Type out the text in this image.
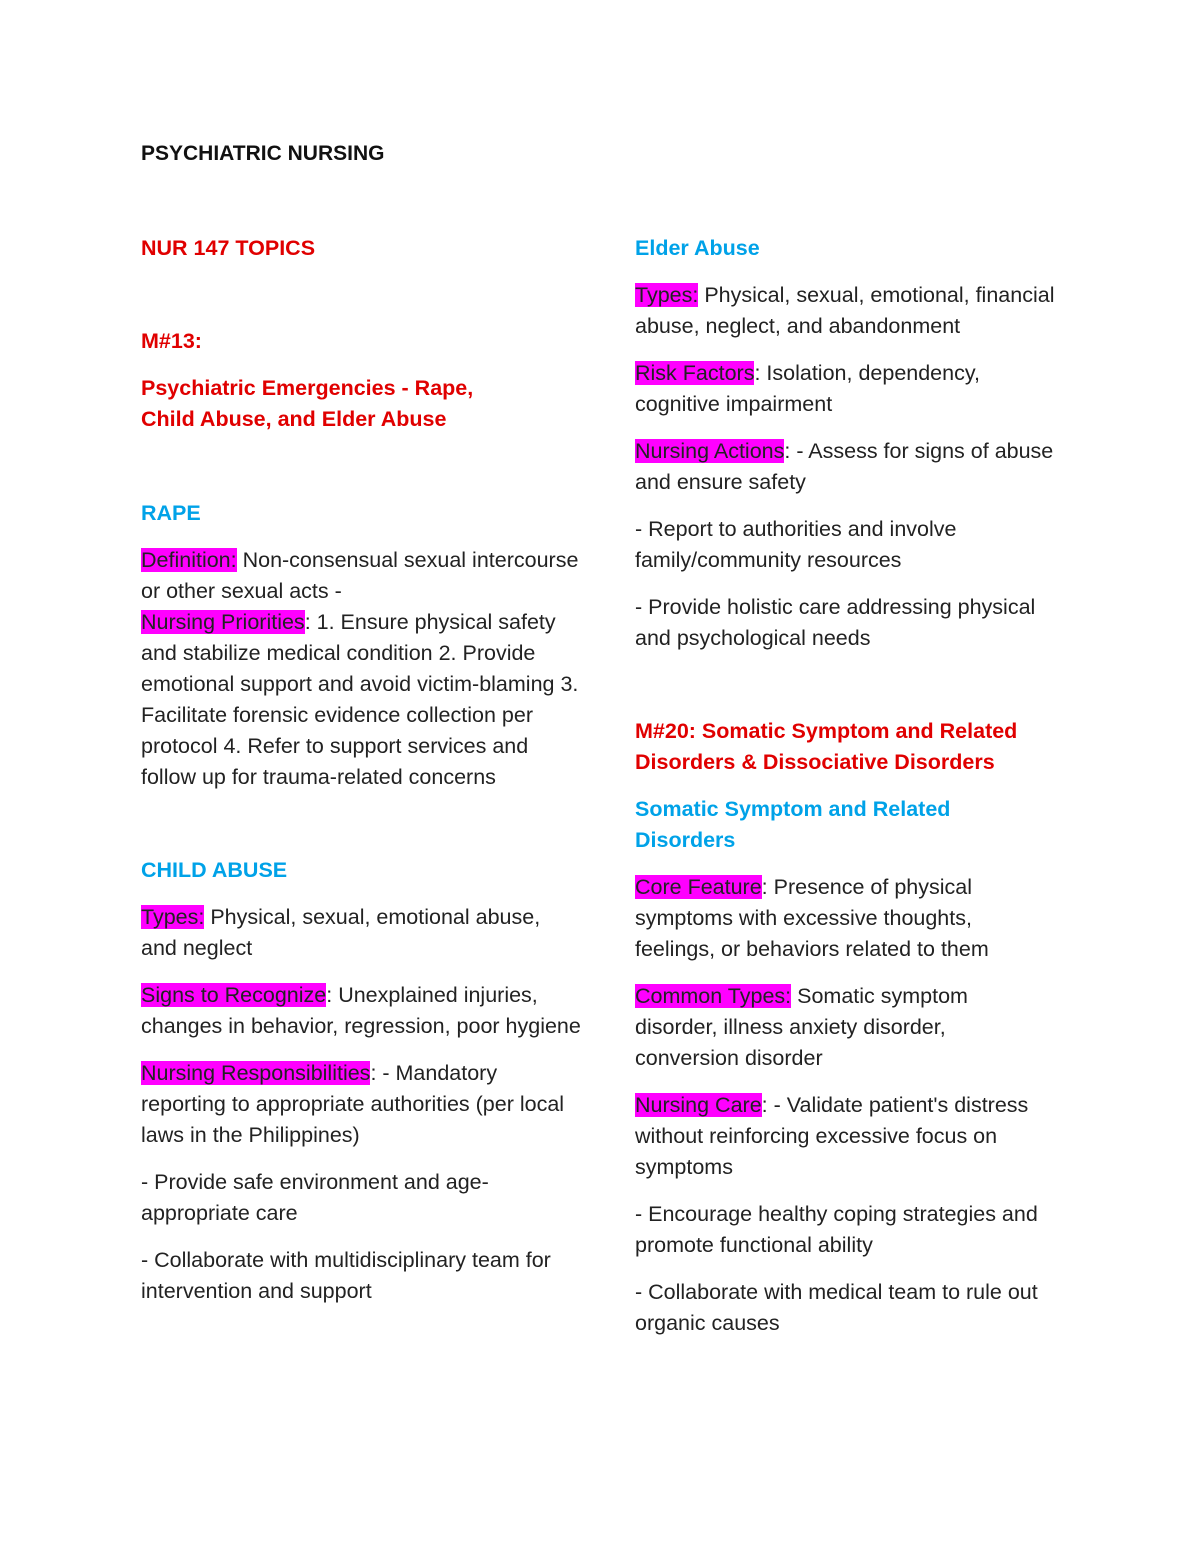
PSYCHIATRIC NURSING

NUR 147 TOPICS

M#13:

Psychiatric Emergencies - Rape,
Child Abuse, and Elder Abuse

RAPE

Definition: Non-consensual sexual intercourse or other sexual acts -
Nursing Priorities: 1. Ensure physical safety and stabilize medical condition 2. Provide emotional support and avoid victim-blaming 3. Facilitate forensic evidence collection per protocol 4. Refer to support services and follow up for trauma-related concerns

CHILD ABUSE

Types: Physical, sexual, emotional abuse, and neglect

Signs to Recognize: Unexplained injuries, changes in behavior, regression, poor hygiene

Nursing Responsibilities: - Mandatory reporting to appropriate authorities (per local laws in the Philippines)

- Provide safe environment and age-appropriate care

- Collaborate with multidisciplinary team for intervention and support

Elder Abuse

Types: Physical, sexual, emotional, financial abuse, neglect, and abandonment

Risk Factors: Isolation, dependency, cognitive impairment

Nursing Actions: - Assess for signs of abuse and ensure safety

- Report to authorities and involve family/community resources

- Provide holistic care addressing physical and psychological needs

M#20: Somatic Symptom and Related Disorders & Dissociative Disorders

Somatic Symptom and Related Disorders

Core Feature: Presence of physical symptoms with excessive thoughts, feelings, or behaviors related to them

Common Types: Somatic symptom disorder, illness anxiety disorder, conversion disorder

Nursing Care: - Validate patient's distress without reinforcing excessive focus on symptoms

- Encourage healthy coping strategies and promote functional ability

- Collaborate with medical team to rule out organic causes
